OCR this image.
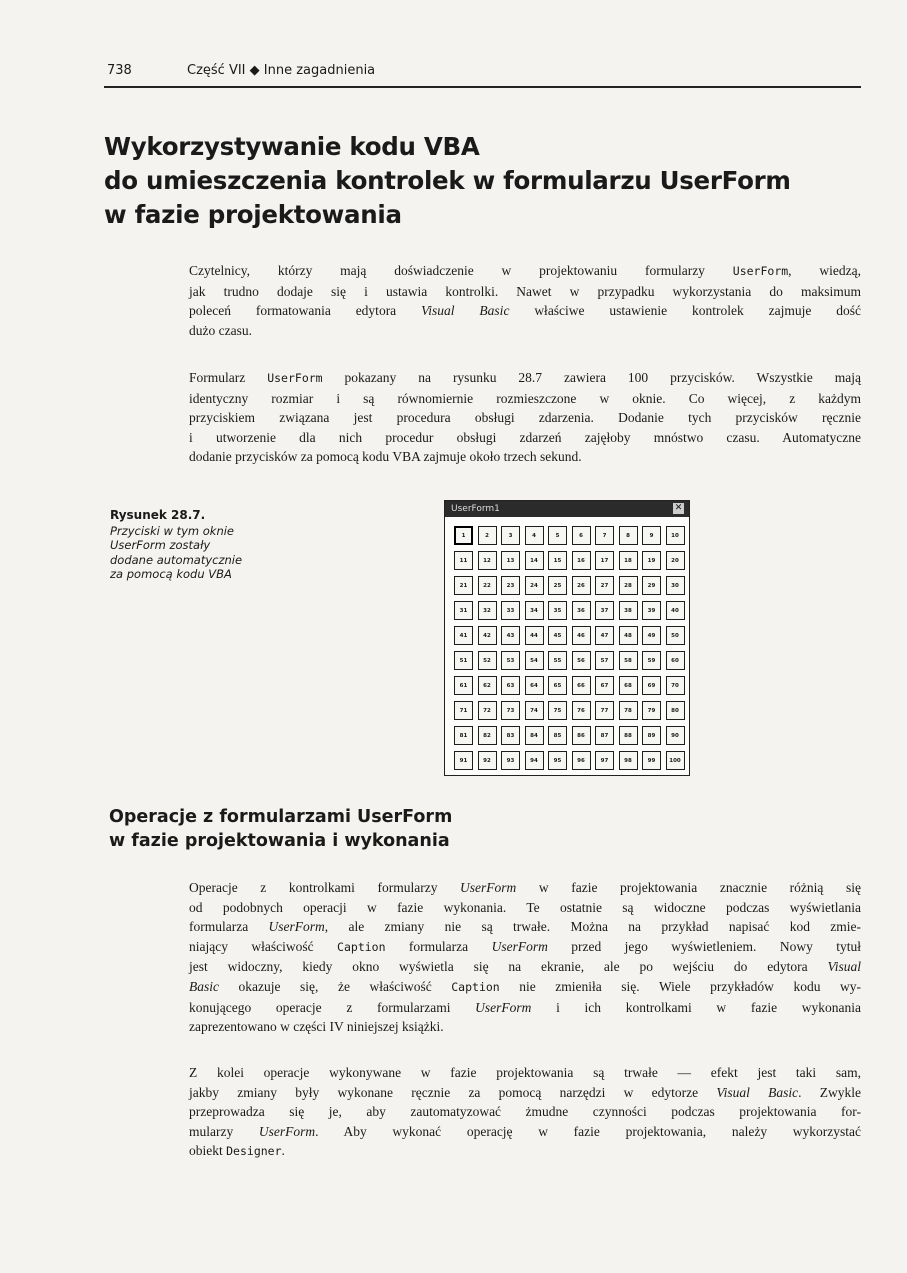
738	Część VII ◆ Inne zagadnienia
Wykorzystywanie kodu VBA
do umieszczenia kontrolek w formularzu UserForm
w fazie projektowania

Czytelnicy, którzy mają doświadczenie w projektowaniu formularzy UserForm, wiedzą,
jak trudno dodaje się i ustawia kontrolki. Nawet w przypadku wykorzystania do maksimum
poleceń formatowania edytora Visual Basic właściwe ustawienie kontrolek zajmuje dość
dużo czasu.

Formularz UserForm pokazany na rysunku 28.7 zawiera 100 przycisków. Wszystkie mają
identyczny rozmiar i są równomiernie rozmieszczone w oknie. Co więcej, z każdym
przyciskiem związana jest procedura obsługi zdarzenia. Dodanie tych przycisków ręcznie
i utworzenie dla nich procedur obsługi zdarzeń zajęłoby mnóstwo czasu. Automatyczne
dodanie przycisków za pomocą kodu VBA zajmuje około trzech sekund.

Rysunek 28.7.
Przyciski w tym oknie
UserForm zostały
dodane automatycznie
za pomocą kodu VBA
UserForm1	✕
1	2	3	4	5	6	7	8	9	10
11	12	13	14	15	16	17	18	19	20
21	22	23	24	25	26	27	28	29	30
31	32	33	34	35	36	37	38	39	40
41	42	43	44	45	46	47	48	49	50
51	52	53	54	55	56	57	58	59	60
61	62	63	64	65	66	67	68	69	70
71	72	73	74	75	76	77	78	79	80
81	82	83	84	85	86	87	88	89	90
91	92	93	94	95	96	97	98	99	100
Operacje z formularzami UserForm
w fazie projektowania i wykonania

Operacje z kontrolkami formularzy UserForm w fazie projektowania znacznie różnią się
od podobnych operacji w fazie wykonania. Te ostatnie są widoczne podczas wyświetlania
formularza UserForm, ale zmiany nie są trwałe. Można na przykład napisać kod zmie-
niający właściwość Caption formularza UserForm przed jego wyświetleniem. Nowy tytuł
jest widoczny, kiedy okno wyświetla się na ekranie, ale po wejściu do edytora Visual
Basic okazuje się, że właściwość Caption nie zmieniła się. Wiele przykładów kodu wy-
konującego operacje z formularzami UserForm i ich kontrolkami w fazie wykonania
zaprezentowano w części IV niniejszej książki.

Z kolei operacje wykonywane w fazie projektowania są trwałe — efekt jest taki sam,
jakby zmiany były wykonane ręcznie za pomocą narzędzi w edytorze Visual Basic. Zwykle
przeprowadza się je, aby zautomatyzować żmudne czynności podczas projektowania for-
mularzy UserForm. Aby wykonać operację w fazie projektowania, należy wykorzystać
obiekt Designer.
